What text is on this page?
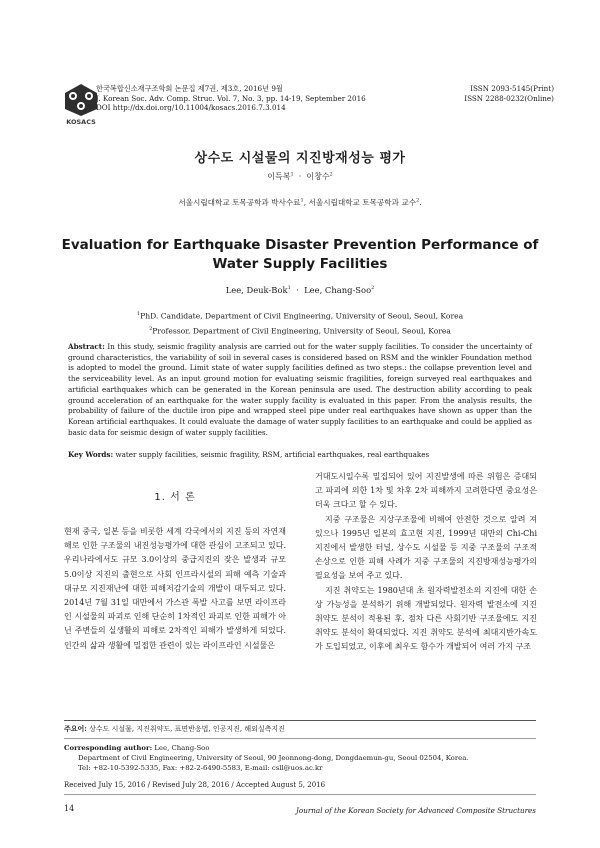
KOSACS
한국복합신소재구조학회 논문집 제7권, 제3호, 2016년 9월
J. Korean Soc. Adv. Comp. Struc. Vol. 7, No. 3, pp. 14-19, September 2016
DOI http://dx.doi.org/10.11004/kosacs.2016.7.3.014
ISSN 2093-5145(Print)
ISSN 2288-0232(Online)
상수도 시설물의 지진방재성능 평가
이득복$^1$ · 이창수$^2$
서울시립대학교 토목공학과 박사수료$^1$, 서울시립대학교 토목공학과 교수$^2$.
Evaluation for Earthquake Disaster Prevention Performance of Water Supply Facilities
Lee, Deuk-Bok$^1$ · Lee, Chang-Soo$^2$
$^1$PhD. Candidate, Department of Civil Engineering, University of Seoul, Seoul, Korea
$^2$Professor, Department of Civil Engineering, University of Seoul, Seoul, Korea
Abstract: In this study, seismic fragility analysis are carried out for the water supply facilities. To consider the uncertainty of ground characteristics, the variability of soil in several cases is considered based on RSM and the winkler Foundation method is adopted to model the ground. Limit state of water supply facilities defined as two steps.: the collapse prevention level and the serviceability level. As an input ground motion for evaluating seismic fragilities, foreign surveyed real earthquakes and artificial earthquakes which can be generated in the Korean peninsula are used. The destruction ability according to peak ground acceleration of an earthquake for the water supply facility is evaluated in this paper. From the analysis results, the probability of failure of the ductile iron pipe and wrapped steel pipe under real earthquakes have shown as upper than the Korean artificial earthquakes. It could evaluate the damage of water supply facilities to an earthquake and could be applied as basic data for seismic design of water supply facilities.
Key Words: water supply facilities, seismic fragility, RSM, artificial earthquakes, real earthquakes
1. 서 론

현재 중국, 일본 등을 비롯한 세계 각국에서의 지진 등의 자연재해로 인한 구조물의 내진성능평가에 대한 관심이 고조되고 있다. 우리나라에서도 규모 3.0이상의 중급지진의 잦은 발생과 규모 5.0이상 지진의 출현으로 사회 인프라시설의 피해 예측 기술과 대규모 지진재난에 대한 피해저감기술의 개발이 대두되고 있다. 2014년 7월 31일 대만에서 가스관 폭발 사고를 보면 라이프라인 시설물의 파괴로 인해 단순히 1차적인 파괴로 인한 피해가 아닌 주변들의 실생활의 피해로 2차적인 피해가 발생하게 되었다. 인간의 삶과 생활에 밀접한 관련이 있는 라이프라인 시설물은

거대도시일수록 밀집되어 있어 지진발생에 따른 위험은 증대되고 파괴에 의한 1차 및 차후 2차 피해까지 고려한다면 중요성은 더욱 크다고 할 수 있다.

지중 구조물은 지상구조물에 비해여 안전한 것으로 알려 져 있으나 1995년 일본의 효고현 지진, 1999년 대만의 Chi-Chi지진에서 발생한 터널, 상수도 시설물 등 지중 구조물의 구조적 손상으로 인한 피해 사례가 지중 구조물의 지진방재성능평가의 필요성을 보여 주고 있다.

지진 취약도는 1980년대 초 원자력발전소의 지진에 대한 손상 가능성을 분석하기 위해 개발되었다. 원자력 발전소에 지진 취약도 분석이 적용된 후, 점차 다른 사회기반 구조물에도 지진 취약도 분석이 확대되었다. 지진 취약도 분석에 최대지반가속도가 도입되었고, 이후에 최우도 함수가 개발되어 여러 가지 구조

주요어: 상수도 시설물, 지진취약도, 표면반응법, 인공지진, 해외실측지진
Corresponding author: Lee, Chang-Soo
Department of Civil Engineering, University of Seoul, 90 Jeonnong-dong, Dongdaemun-gu, Seoul 02504, Korea.
Tel: +82-10-5392-5335, Fax: +82-2-6490-5583, E-mail: csll@uos.ac.kr
Received July 15, 2016 / Revised July 28, 2016 / Accepted August 5, 2016
14	Journal of the Korean Society for Advanced Composite Structures
